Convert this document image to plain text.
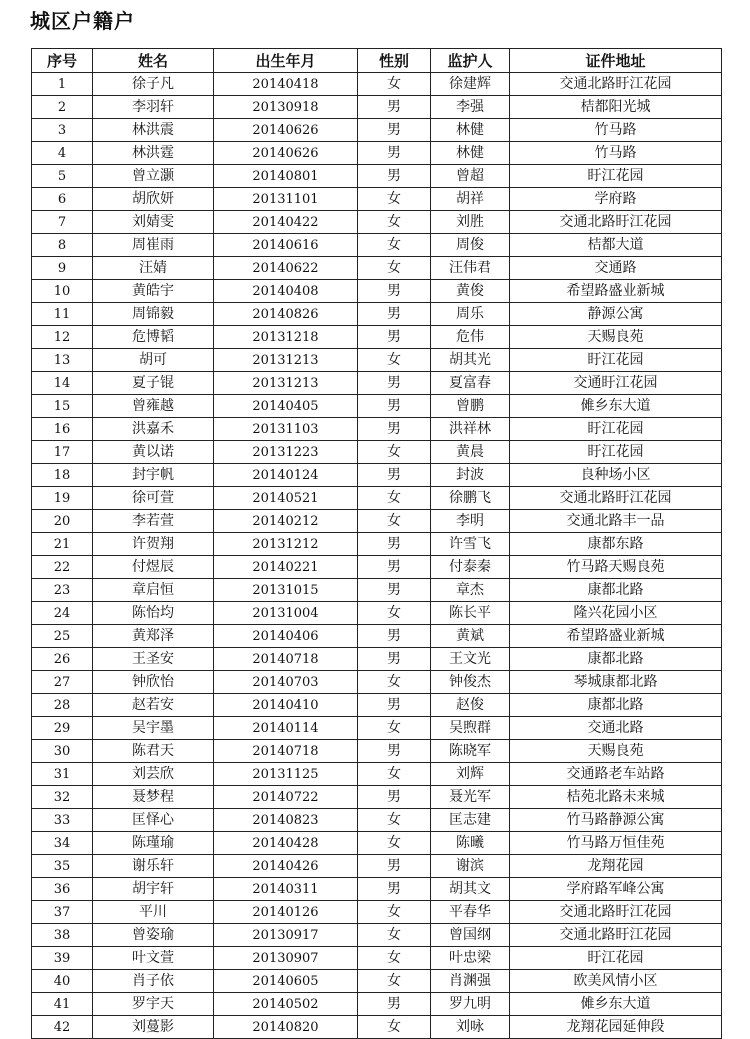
城区户籍户
序号	姓名	出生年月	性别	监护人	证件地址
1	徐子凡	20140418	女	徐建辉	交通北路盱江花园
2	李羽轩	20130918	男	李强	桔都阳光城
3	林洪震	20140626	男	林健	竹马路
4	林洪霆	20140626	男	林健	竹马路
5	曾立灏	20140801	男	曾超	盱江花园
6	胡欣妍	20131101	女	胡祥	学府路
7	刘婧雯	20140422	女	刘胜	交通北路盱江花园
8	周崔雨	20140616	女	周俊	桔都大道
9	汪婧	20140622	女	汪伟君	交通路
10	黄皓宇	20140408	男	黄俊	希望路盛业新城
11	周锦毅	20140826	男	周乐	静源公寓
12	危博韬	20131218	男	危伟	天赐良苑
13	胡可	20131213	女	胡其光	盱江花园
14	夏子锟	20131213	男	夏富春	交通盱江花园
15	曾雍越	20140405	男	曾鹏	傩乡东大道
16	洪嘉禾	20131103	男	洪祥林	盱江花园
17	黄以诺	20131223	女	黄晨	盱江花园
18	封宇帆	20140124	男	封波	良种场小区
19	徐可萱	20140521	女	徐鹏飞	交通北路盱江花园
20	李若萱	20140212	女	李明	交通北路丰一品
21	许贺翔	20131212	男	许雪飞	康都东路
22	付煜辰	20140221	男	付泰秦	竹马路天赐良苑
23	章启恒	20131015	男	章杰	康都北路
24	陈怡均	20131004	女	陈长平	隆兴花园小区
25	黄郑泽	20140406	男	黄斌	希望路盛业新城
26	王圣安	20140718	男	王文光	康都北路
27	钟欣怡	20140703	女	钟俊杰	琴城康都北路
28	赵若安	20140410	男	赵俊	康都北路
29	吴宇墨	20140114	女	吴煦群	交通北路
30	陈君天	20140718	男	陈晓军	天赐良苑
31	刘芸欣	20131125	女	刘辉	交通路老车站路
32	聂梦程	20140722	男	聂光军	桔苑北路未来城
33	匡怿心	20140823	女	匡志建	竹马路静源公寓
34	陈瑾瑜	20140428	女	陈曦	竹马路万恒佳苑
35	谢乐轩	20140426	男	谢滨	龙翔花园
36	胡宇轩	20140311	男	胡其文	学府路军峰公寓
37	平川	20140126	女	平春华	交通北路盱江花园
38	曾姿瑜	20130917	女	曾国纲	交通北路盱江花园
39	叶文萱	20130907	女	叶忠梁	盱江花园
40	肖子依	20140605	女	肖渊强	欧美风情小区
41	罗宇天	20140502	男	罗九明	傩乡东大道
42	刘蔓影	20140820	女	刘咏	龙翔花园延伸段
